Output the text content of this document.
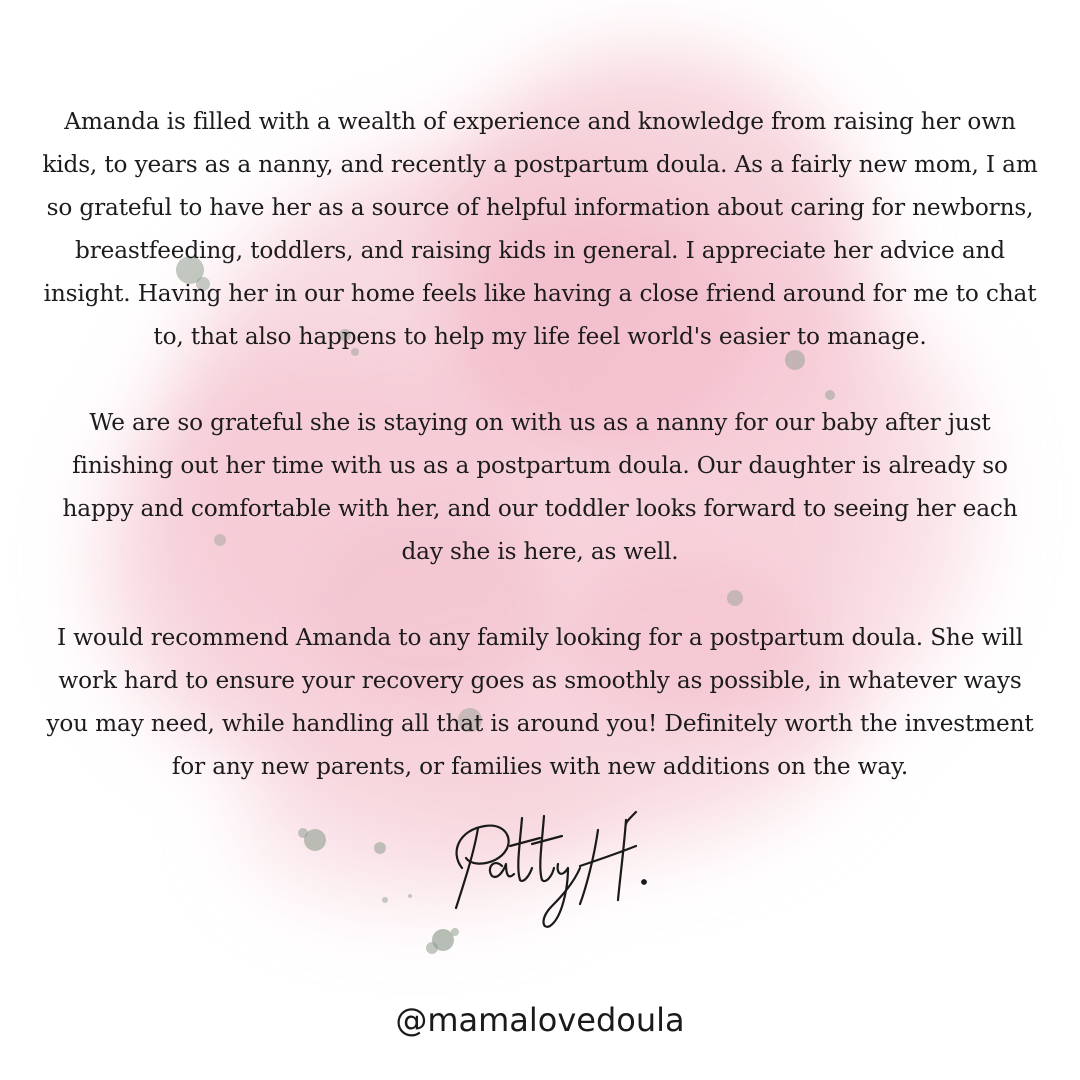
Amanda is filled with a wealth of experience and knowledge from raising her own kids, to years as a nanny, and recently a postpartum doula. As a fairly new mom, I am so grateful to have her as a source of helpful information about caring for newborns, breastfeeding, toddlers, and raising kids in general. I appreciate her advice and insight. Having her in our home feels like having a close friend around for me to chat to, that also happens to help my life feel world's easier to manage.

We are so grateful she is staying on with us as a nanny for our baby after just finishing out her time with us as a postpartum doula. Our daughter is already so happy and comfortable with her, and our toddler looks forward to seeing her each day she is here, as well.

I would recommend Amanda to any family looking for a postpartum doula. She will work hard to ensure your recovery goes as smoothly as possible, in whatever ways you may need, while handling all that is around you! Definitely worth the investment for any new parents, or families with new additions on the way.

@mamalovedoula
